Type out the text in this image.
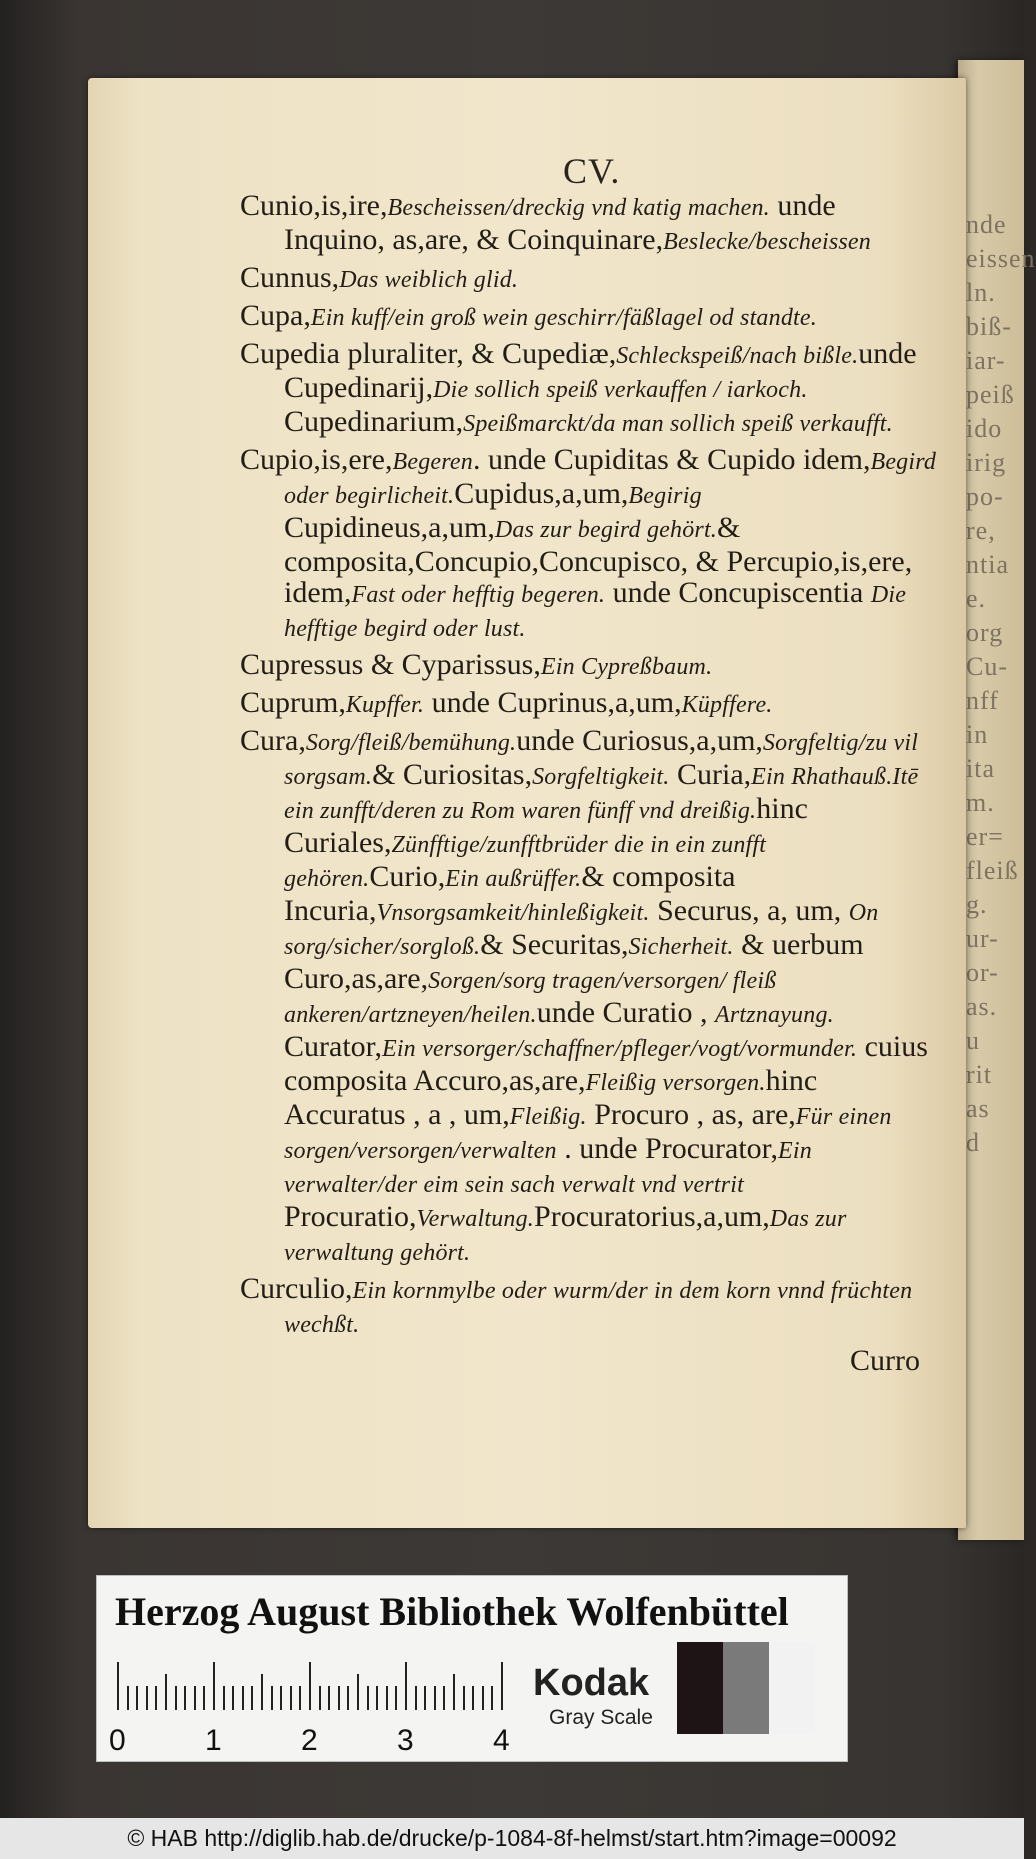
nde
eissen
ln.
biß-
iar-
peiß
ido
irig
po-
re,
ntia
e.
org
Cu-
nff
in
ita
m.
er=
fleiß
g.
ur-
or-
as.
u
rit
as
d
CV.
Cunio,is,ire,Bescheissen/dreckig vnd katig machen. unde Inquino, as,are, & Coinquinare,Beslecke/bescheissen
Cunnus,Das weiblich glid.
Cupa,Ein kuff/ein groß wein geschirr/fäßlagel od standte.
Cupedia pluraliter, & Cupediæ,Schleckspeiß/nach bißle.unde Cupedinarij,Die sollich speiß verkauffen / iarkoch. Cupedinarium,Speißmarckt/da man sollich speiß verkaufft.
Cupio,is,ere,Begeren. unde Cupiditas & Cupido idem,Begird oder begirlicheit.Cupidus,a,um,Begirig Cupidineus,a,um,Das zur begird gehört.& composita,Concupio,Concupisco, & Percupio,is,ere, idem,Fast oder hefftig begeren. unde Concupiscentia Die hefftige begird oder lust.
Cupressus & Cyparissus,Ein Cypreßbaum.
Cuprum,Kupffer. unde Cuprinus,a,um,Küpffere.
Cura,Sorg/fleiß/bemühung.unde Curiosus,a,um,Sorgfeltig/zu vil sorgsam.& Curiositas,Sorgfeltigkeit. Curia,Ein Rhathauß.Itē ein zunfft/deren zu Rom waren fünff vnd dreißig.hinc Curiales,Zünfftige/zunfftbrüder die in ein zunfft gehören.Curio,Ein außrüffer.& composita Incuria,Vnsorgsamkeit/hinleßigkeit. Securus, a, um, On sorg/sicher/sorgloß.& Securitas,Sicherheit. & uerbum Curo,as,are,Sorgen/sorg tragen/versorgen/ fleiß ankeren/artzneyen/heilen.unde Curatio , Artznayung. Curator,Ein versorger/schaffner/pfleger/vogt/vormunder. cuius composita Accuro,as,are,Fleißig versorgen.hinc Accuratus , a , um,Fleißig. Procuro , as, are,Für einen sorgen/versorgen/verwalten . unde Procurator,Ein verwalter/der eim sein sach verwalt vnd vertrit Procuratio,Verwaltung.Procuratorius,a,um,Das zur verwaltung gehört.
Curculio,Ein kornmylbe oder wurm/der in dem korn vnnd früchten wechßt.
Curro
Herzog August Bibliothek Wolfenbüttel
0	1	2	3	4
Kodak
Gray Scale
© HAB http://diglib.hab.de/drucke/p-1084-8f-helmst/start.htm?image=00092
